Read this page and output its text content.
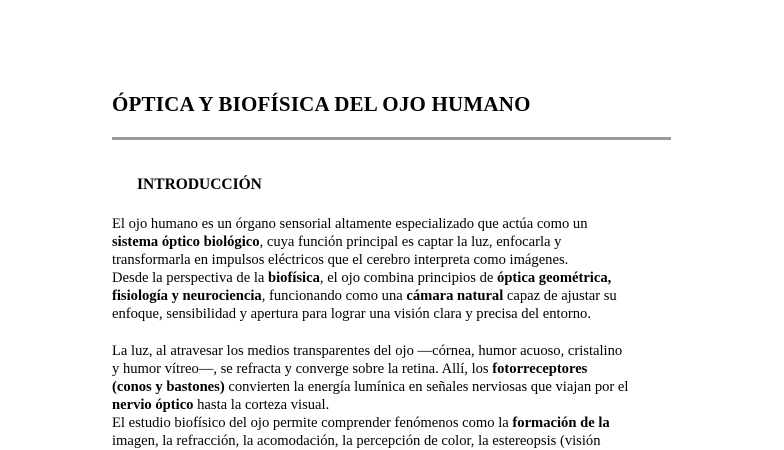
ÓPTICA Y BIOFÍSICA DEL OJO HUMANO
INTRODUCCIÓN
El ojo humano es un órgano sensorial altamente especializado que actúa como un
sistema óptico biológico, cuya función principal es captar la luz, enfocarla y
transformarla en impulsos eléctricos que el cerebro interpreta como imágenes.
Desde la perspectiva de la biofísica, el ojo combina principios de óptica geométrica,
fisiología y neurociencia, funcionando como una cámara natural capaz de ajustar su
enfoque, sensibilidad y apertura para lograr una visión clara y precisa del entorno.
La luz, al atravesar los medios transparentes del ojo —córnea, humor acuoso, cristalino
y humor vítreo—, se refracta y converge sobre la retina. Allí, los fotorreceptores
(conos y bastones) convierten la energía lumínica en señales nerviosas que viajan por el
nervio óptico hasta la corteza visual.
El estudio biofísico del ojo permite comprender fenómenos como la formación de la
imagen, la refracción, la acomodación, la percepción de color, la estereopsis (visión
